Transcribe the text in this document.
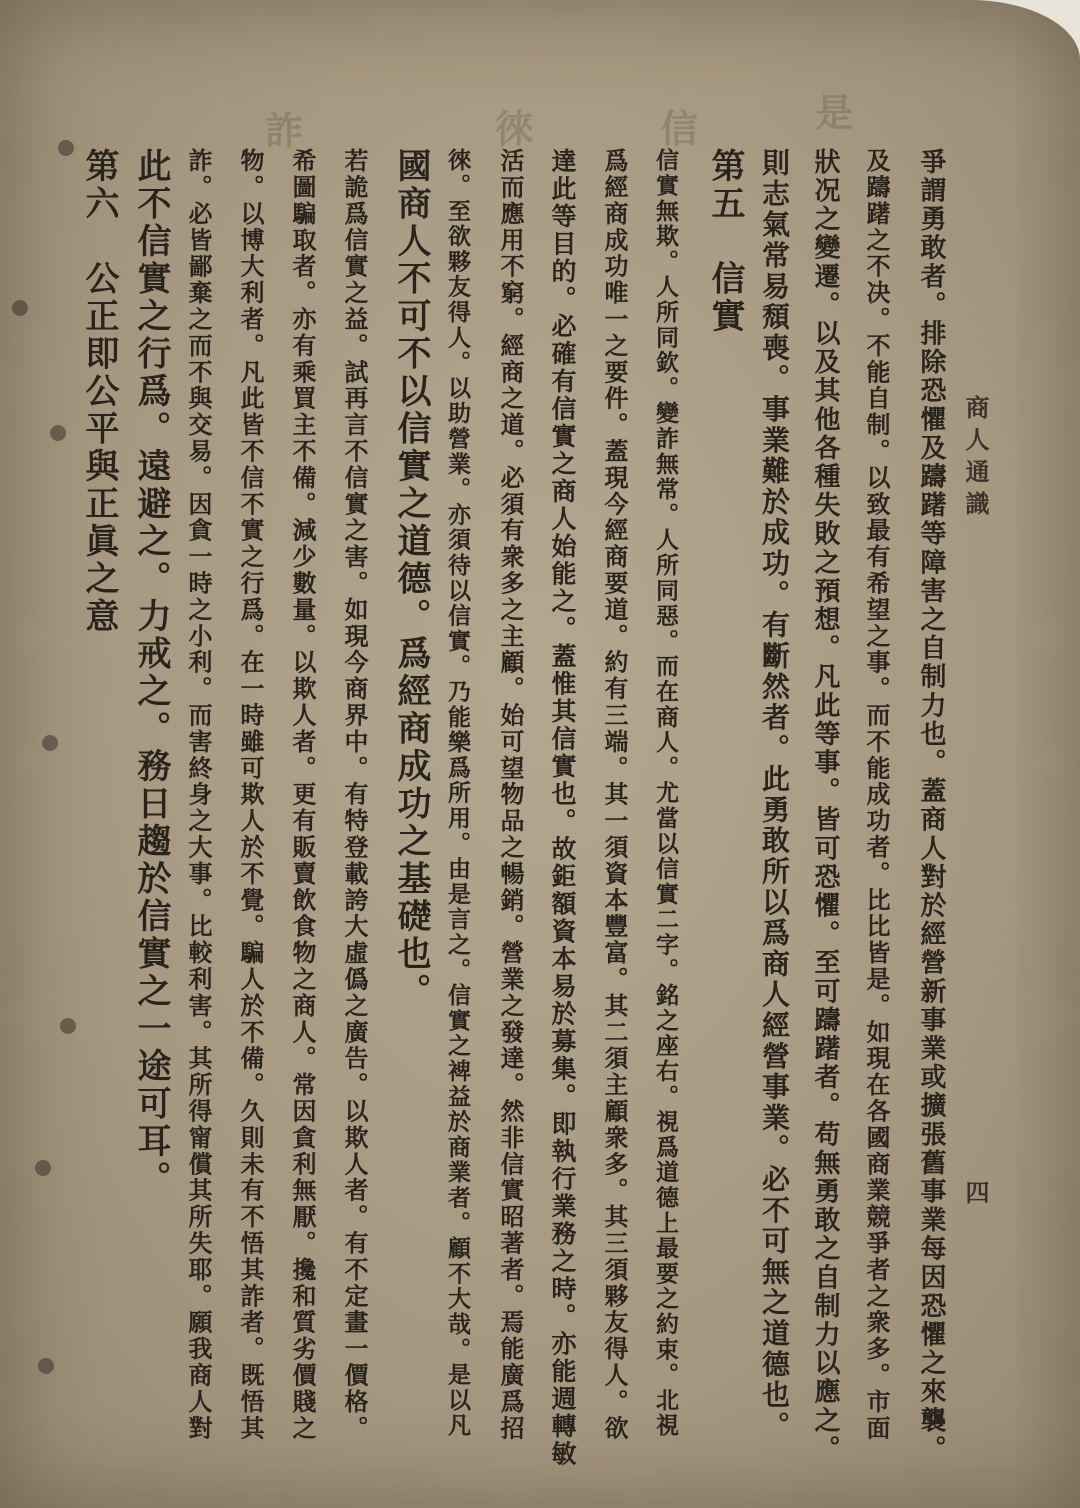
是
信
徠
詐
商人通識
四
爭謂勇敢者。排除恐懼及躊躇等障害之自制力也。蓋商人對於經營新事業或擴張舊事業每因恐懼之來襲。
及躊躇之不决。不能自制。以致最有希望之事。而不能成功者。比比皆是。如現在各國商業競爭者之衆多。市面
狀况之變遷。以及其他各種失敗之預想。凡此等事。皆可恐懼。至可躊躇者。苟無勇敢之自制力以應之。
則志氣常易頹喪。事業難於成功。有斷然者。此勇敢所以爲商人經營事業。必不可無之道德也。
第五　信實
信實無欺。人所同欽。變詐無常。人所同惡。而在商人。尤當以信實二字。銘之座右。視爲道德上最要之約束。北視
爲經商成功唯一之要件。蓋現今經商要道。約有三端。其一須資本豐富。其二須主顧衆多。其三須夥友得人。欲
達此等目的。必確有信實之商人始能之。蓋惟其信實也。故鉅額資本易於募集。即執行業務之時。亦能週轉敏
活而應用不窮。經商之道。必須有衆多之主顧。始可望物品之暢銷。營業之發達。然非信實昭著者。焉能廣爲招
徠。至欲夥友得人。以助營業。亦須待以信實。乃能樂爲所用。由是言之。信實之裨益於商業者。顧不大哉。是以凡
國商人不可不以信實之道德。爲經商成功之基礎也。
若詭爲信實之益。試再言不信實之害。如現今商界中。有特登載誇大虛僞之廣告。以欺人者。有不定畫一價格。
希圖騙取者。亦有乘買主不備。減少數量。以欺人者。更有販賣飲食物之商人。常因貪利無厭。攙和質劣價賤之
物。以博大利者。凡此皆不信不實之行爲。在一時雖可欺人於不覺。騙人於不備。久則未有不悟其詐者。既悟其
詐。必皆鄙棄之而不與交易。因貪一時之小利。而害終身之大事。比較利害。其所得甯償其所失耶。願我商人對
此不信實之行爲。遠避之。力戒之。務日趨於信實之一途可耳。
第六　公正即公平與正眞之意
